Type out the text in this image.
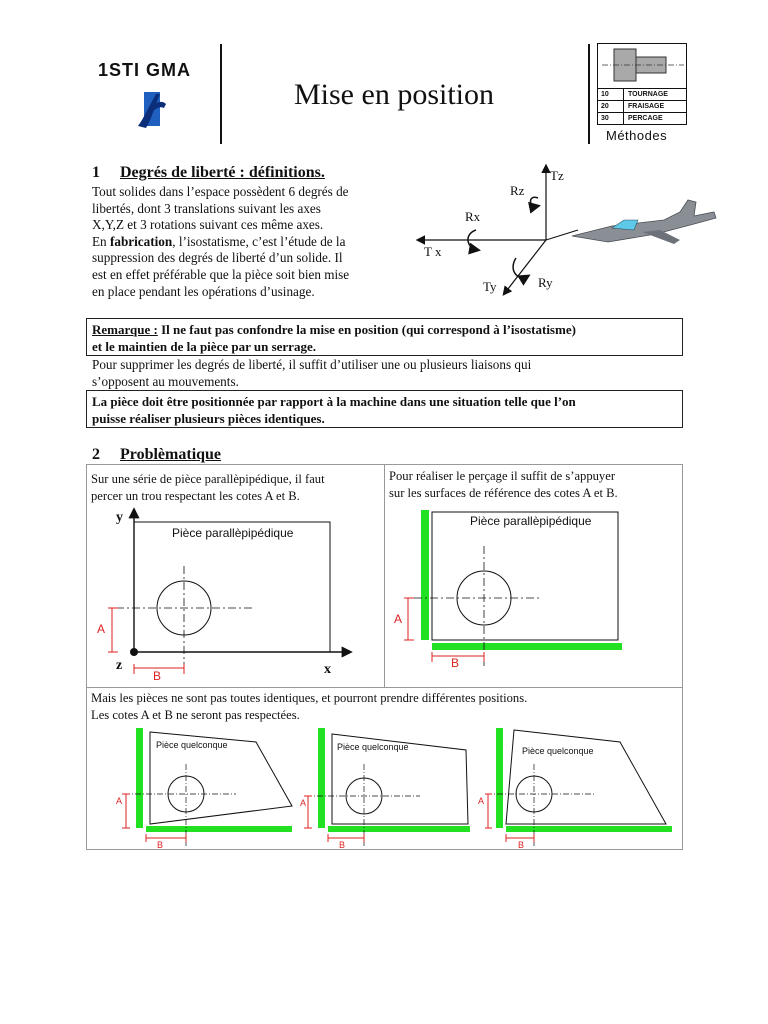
1STI GMA
Mise en position	10	TOURNAGE
20	FRAISAGE
30	PERCAGE
Méthodes
1 Degrés de liberté : définitions.
Tout solides dans l’espace possèdent 6 degrés de
libertés, dont 3 translations suivant les axes
X,Y,Z et 3 rotations suivant ces même axes.
En fabrication, l’isostatisme, c’est l’étude de la
suppression des degrés de liberté d’un solide. Il
est en effet préférable que la pièce soit bien mise
en place pendant les opérations d’usinage.
Tz
Rz
Rx
T x
Ty	Ry
Remarque : Il ne faut pas confondre la mise en position (qui correspond à l’isostatisme)
et le maintien de la pièce par un serrage.
Pour supprimer les degrés de liberté, il suffit d’utiliser une ou plusieurs liaisons qui
s’opposent au mouvements.
La pièce doit être positionnée par rapport à la machine dans une situation telle que l’on
puisse réaliser plusieurs pièces identiques.
2 Problèmatique
Sur une série de pièce parallèpipédique, il faut
percer un trou respectant les cotes A et B.
Pièce parallèpipédique
y
z	x
A
B
Pour réaliser le perçage il suffit de s’appuyer
sur les surfaces de référence des cotes A et B.
Pièce parallèpipédique
A
B
Mais les pièces ne sont pas toutes identiques, et pourront prendre différentes positions.
Les cotes A et B ne seront pas respectées.
Pièce quelconque
A
B
Pièce quelconque
A
B
Pièce quelconque
A
B
